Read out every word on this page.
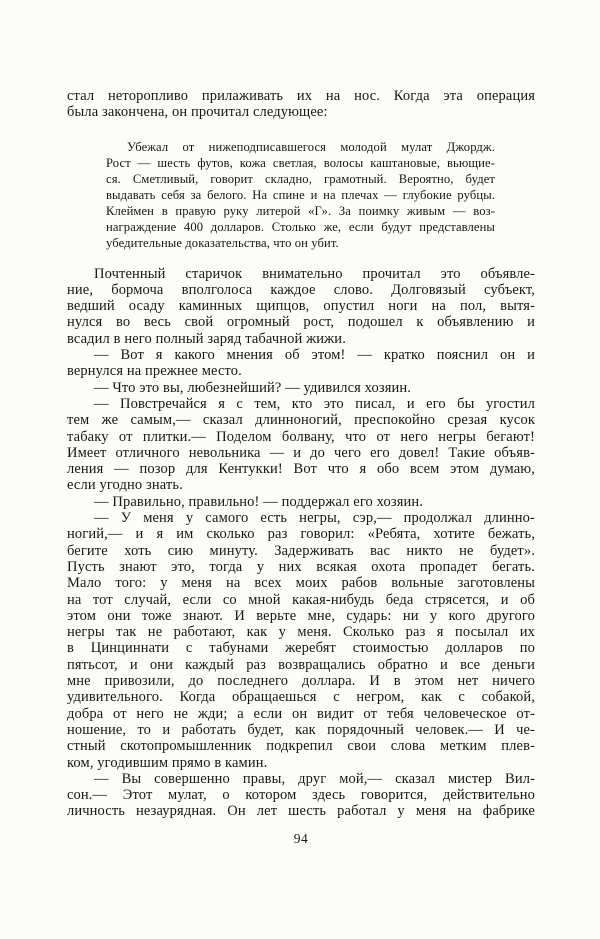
стал неторопливо прилаживать их на нос. Когда эта операция
была закончена, он прочитал следующее:
Убежал от нижеподписавшегося молодой мулат Джордж.
Рост — шесть футов, кожа светлая, волосы каштановые, вьющие-
ся. Сметливый, говорит складно, грамотный. Вероятно, будет
выдавать себя за белого. На спине и на плечах — глубокие рубцы.
Клеймен в правую руку литерой «Г». За поимку живым — воз-
награждение 400 долларов. Столько же, если будут представлены
убедительные доказательства, что он убит.
Почтенный старичок внимательно прочитал это объявле-
ние, бормоча вполголоса каждое слово. Долговязый субъект,
ведший осаду каминных щипцов, опустил ноги на пол, вытя-
нулся во весь свой огромный рост, подошел к объявлению и
всадил в него полный заряд табачной жижи.
— Вот я какого мнения об этом! — кратко пояснил он и
вернулся на прежнее место.
— Что это вы, любезнейший? — удивился хозяин.
— Повстречайся я с тем, кто это писал, и его бы угостил
тем же самым,— сказал длинноногий, преспокойно срезая кусок
табаку от плитки.— Поделом болвану, что от него негры бегают!
Имеет отличного невольника — и до чего его довел! Такие объяв-
ления — позор для Кентукки! Вот что я обо всем этом думаю,
если угодно знать.
— Правильно, правильно! — поддержал его хозяин.
— У меня у самого есть негры, сэр,— продолжал длинно-
ногий,— и я им сколько раз говорил: «Ребята, хотите бежать,
бегите хоть сию минуту. Задерживать вас никто не будет».
Пусть знают это, тогда у них всякая охота пропадет бегать.
Мало того: у меня на всех моих рабов вольные заготовлены
на тот случай, если со мной какая-нибудь беда стрясется, и об
этом они тоже знают. И верьте мне, сударь: ни у кого другого
негры так не работают, как у меня. Сколько раз я посылал их
в Цинциннати с табунами жеребят стоимостью долларов по
пятьсот, и они каждый раз возвращались обратно и все деньги
мне привозили, до последнего доллара. И в этом нет ничего
удивительного. Когда обращаешься с негром, как с собакой,
добра от него не жди; а если он видит от тебя человеческое от-
ношение, то и работать будет, как порядочный человек.— И че-
стный скотопромышленник подкрепил свои слова метким плев-
ком, угодившим прямо в камин.
— Вы совершенно правы, друг мой,— сказал мистер Вил-
сон.— Этот мулат, о котором здесь говорится, действительно
личность незаурядная. Он лет шесть работал у меня на фабрике
94
